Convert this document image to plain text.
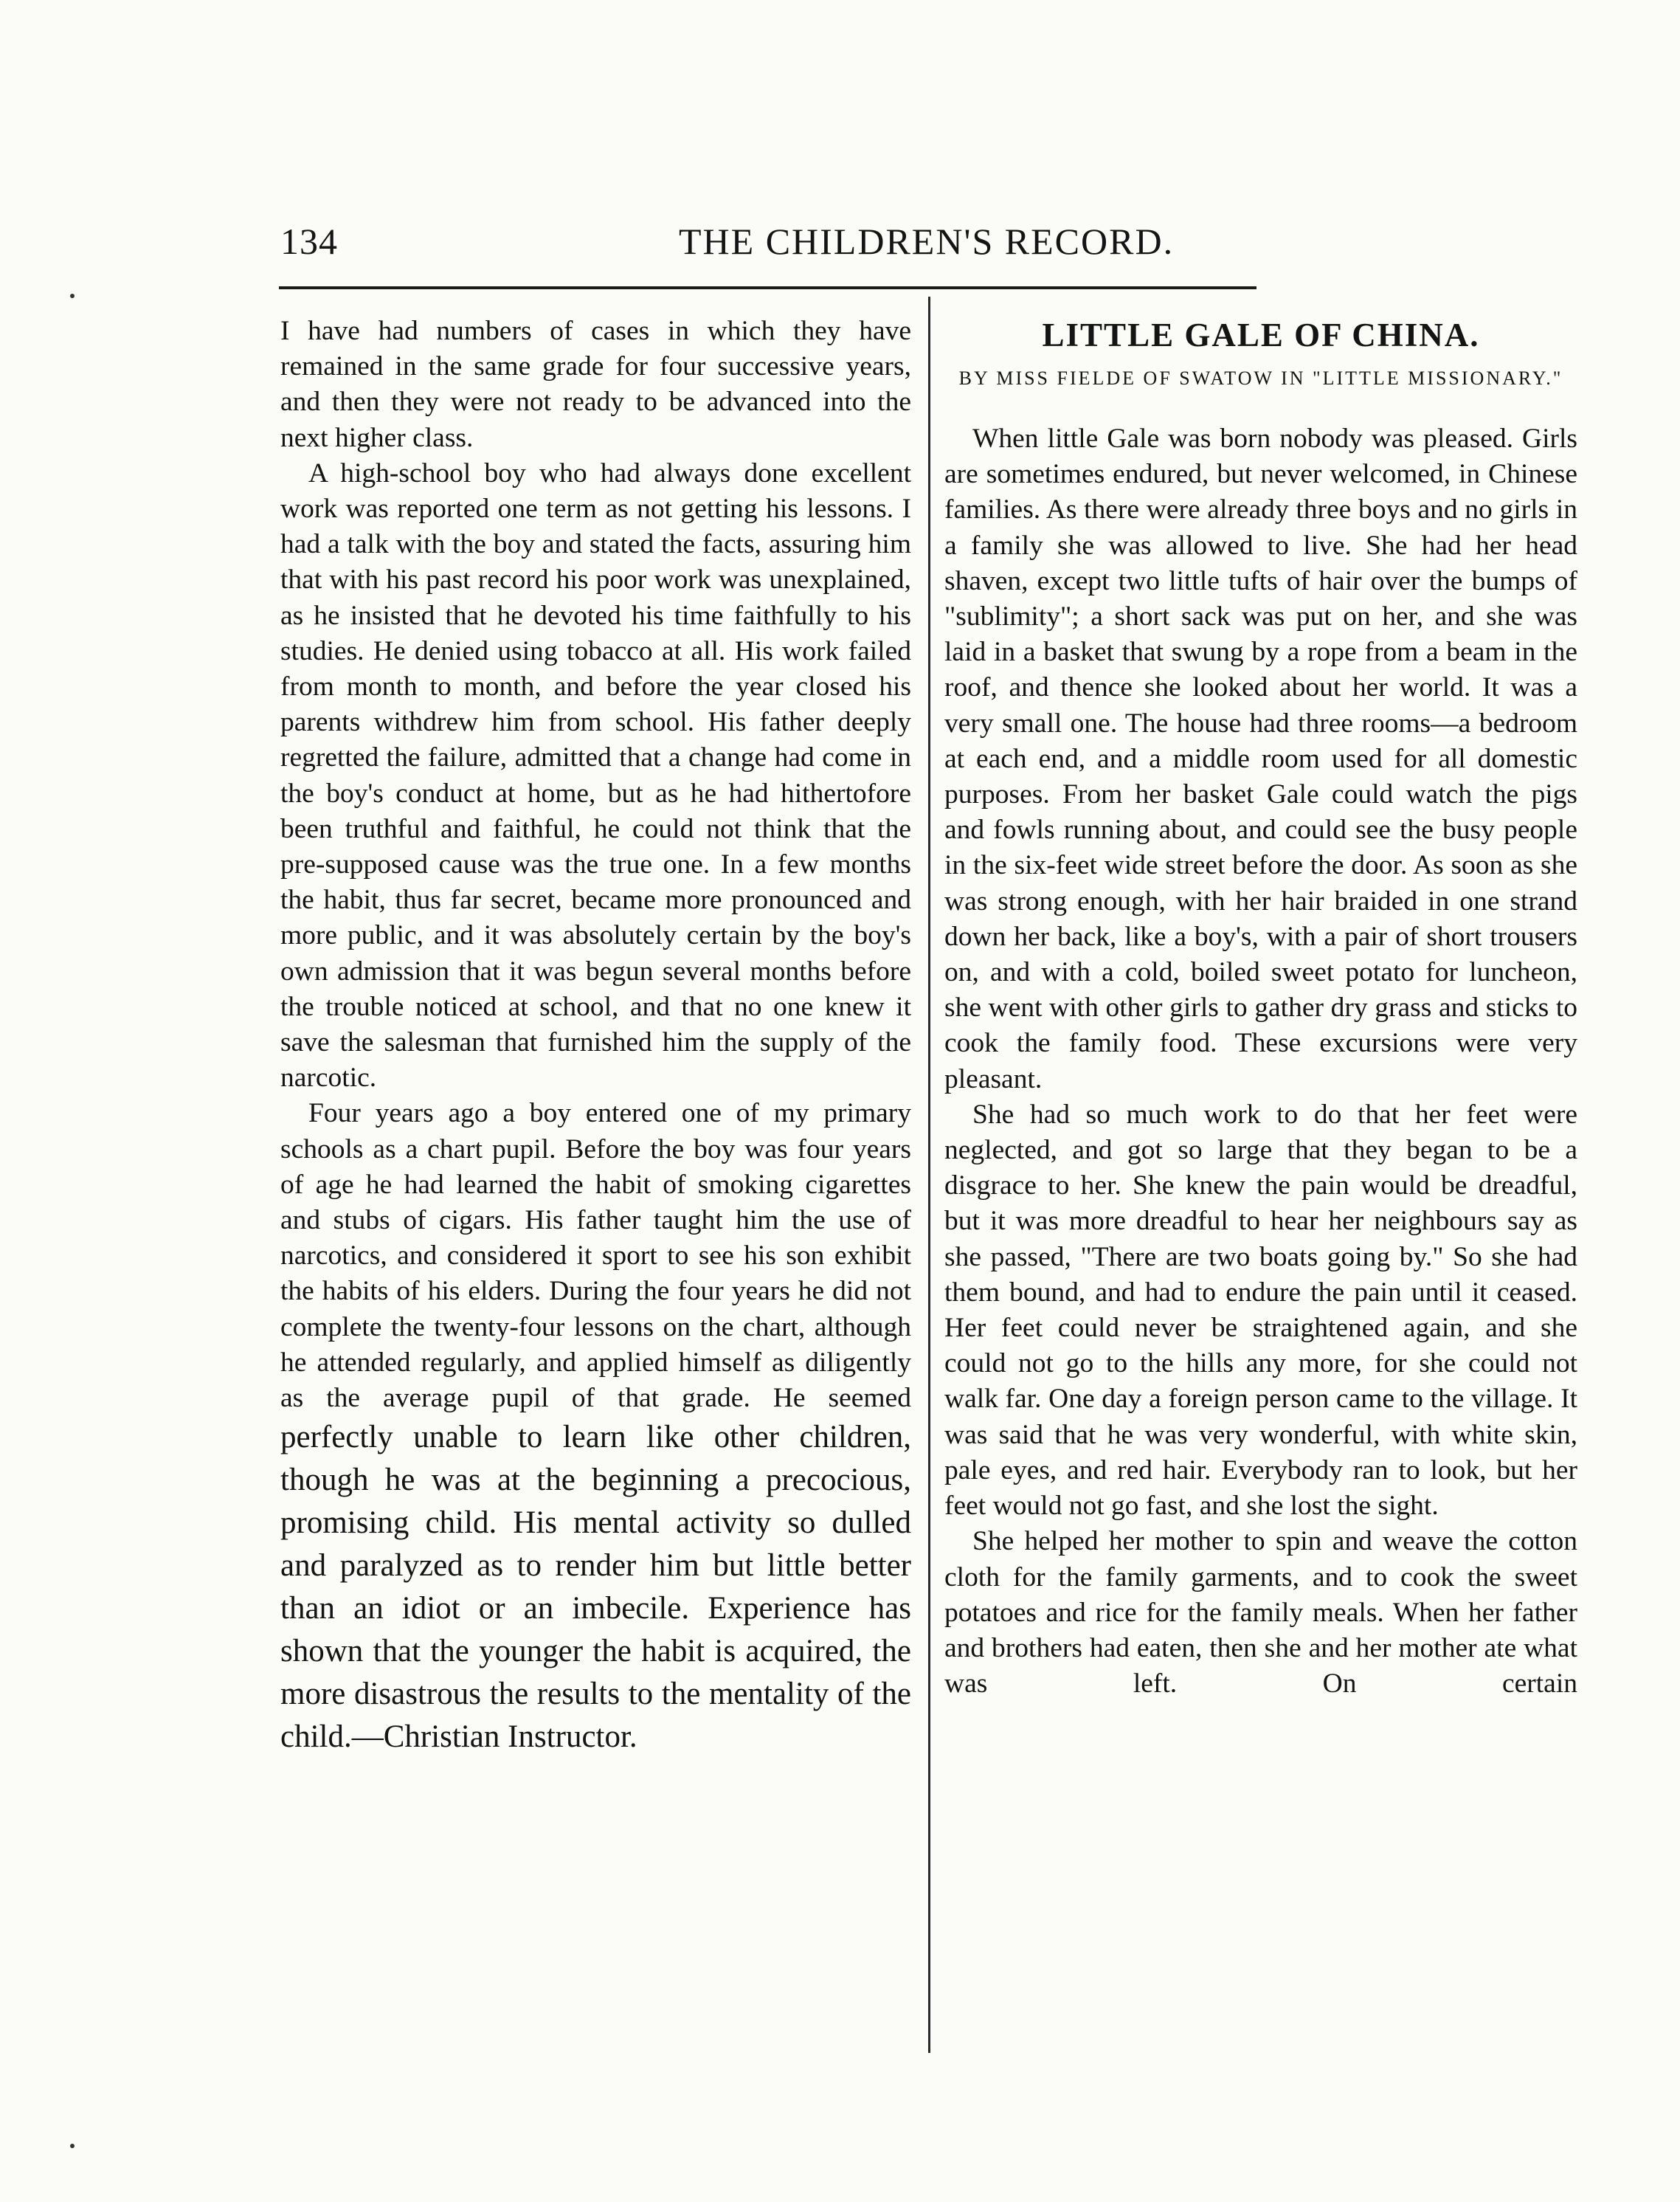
134	THE CHILDREN'S RECORD.

I have had numbers of cases in which they have remained in the same grade for four successive years, and then they were not ready to be advanced into the next higher class.

A high-school boy who had always done excellent work was reported one term as not getting his lessons. I had a talk with the boy and stated the facts, assuring him that with his past record his poor work was unexplained, as he insisted that he devoted his time faithfully to his studies. He denied using tobacco at all. His work failed from month to month, and before the year closed his parents withdrew him from school. His father deeply regretted the failure, admitted that a change had come in the boy's conduct at home, but as he had hithertofore been truthful and faithful, he could not think that the pre-supposed cause was the true one. In a few months the habit, thus far secret, became more pronounced and more public, and it was absolutely certain by the boy's own admission that it was begun several months before the trouble noticed at school, and that no one knew it save the salesman that furnished him the supply of the narcotic.

Four years ago a boy entered one of my primary schools as a chart pupil. Before the boy was four years of age he had learned the habit of smoking cigarettes and stubs of cigars. His father taught him the use of narcotics, and considered it sport to see his son exhibit the habits of his elders. During the four years he did not complete the twenty-four lessons on the chart, although he attended regularly, and applied himself as diligently as the average pupil of that grade. He seemed

perfectly unable to learn like other children, though he was at the beginning a precocious, promising child. His mental activity so dulled and paralyzed as to render him but little better than an idiot or an imbecile. Experience has shown that the younger the habit is acquired, the more disastrous the results to the mentality of the child.—Christian Instructor.

LITTLE GALE OF CHINA.
BY MISS FIELDE OF SWATOW IN "LITTLE MISSIONARY."

When little Gale was born nobody was pleased. Girls are sometimes endured, but never welcomed, in Chinese families. As there were already three boys and no girls in a family she was allowed to live. She had her head shaven, except two little tufts of hair over the bumps of "sublimity"; a short sack was put on her, and she was laid in a basket that swung by a rope from a beam in the roof, and thence she looked about her world. It was a very small one. The house had three rooms—a bedroom at each end, and a middle room used for all domestic purposes. From her basket Gale could watch the pigs and fowls running about, and could see the busy people in the six-feet wide street before the door. As soon as she was strong enough, with her hair braided in one strand down her back, like a boy's, with a pair of short trousers on, and with a cold, boiled sweet potato for luncheon, she went with other girls to gather dry grass and sticks to cook the family food. These excursions were very pleasant.

She had so much work to do that her feet were neglected, and got so large that they began to be a disgrace to her. She knew the pain would be dreadful, but it was more dreadful to hear her neighbours say as she passed, "There are two boats going by." So she had them bound, and had to endure the pain until it ceased. Her feet could never be straightened again, and she could not go to the hills any more, for she could not walk far. One day a foreign person came to the village. It was said that he was very wonderful, with white skin, pale eyes, and red hair. Everybody ran to look, but her feet would not go fast, and she lost the sight.

She helped her mother to spin and weave the cotton cloth for the family garments, and to cook the sweet potatoes and rice for the family meals. When her father and brothers had eaten, then she and her mother ate what was left. On certain
